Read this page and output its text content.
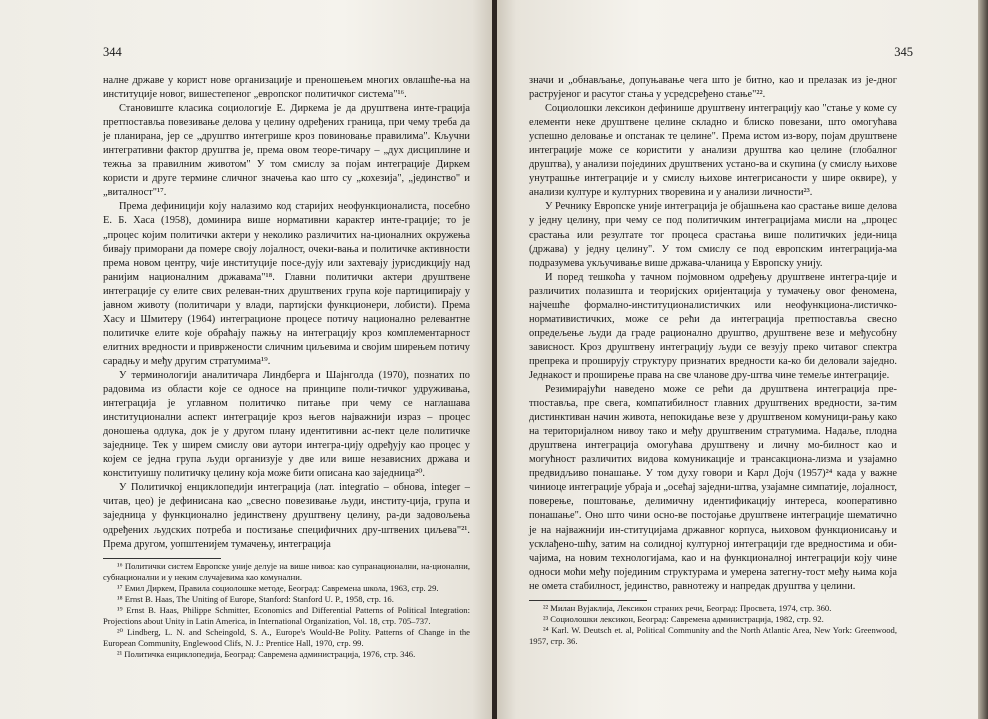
344

налне државе у корист нове организације и преношењем многих овлашће-ња на институције новог, вишестепеног „европског политичког система"¹⁶.

Становиште класика социологије Е. Диркема је да друштвена инте-грација претпоставља повезивање делова у целину одређених граница, при чему треба да је планирана, јер се „друштво интегрише кроз повиновање правилима". Кључни интегративни фактор друштва је, према овом теоре-тичару – „дух дисциплине и тежња за правилним животом" У том смислу за појам интеграције Диркем користи и друге термине сличног значења као што су „кохезија", „јединство" и „виталност"¹⁷.

Према дефиницији коју налазимо код старијих неофункционалиста, посебно Е. Б. Хаса (1958), доминира више нормативни карактер инте-грације; то је „процес којим политички актери у неколико различитих на-ционалних окружења бивају примoрани да помере своју лојалност, очеки-вања и политичке активности према новом центру, чије институције посе-дују или захтевају јурисдикцију над ранијим националним државама"¹⁸. Главни политички актери друштвене интеграције су елите свих релеван-тних друштвених група које партиципирају у јавном животу (политичари у влади, партијски функционери, лобисти). Према Хасу и Шмитеру (1964) интеграционе процесе потичу национално релевантне политичке елите које обраћају пажњу на интеграцију кроз комплементарност елитних вредности и привржености сличним циљевима и својим ширењем потичу сарадњу и међу другим стратумима¹⁹.

У терминологији аналитичара Линдберга и Шајнголда (1970), познатих по радовима из области које се односе на принципе поли-тичког удруживања, интеграција је углавном политичко питање при чему се наглашава институционални аспект интеграције кроз његов најважнији израз – процес доношења одлука, док је у другом плану идентитивни ас-пект целе политичке заједнице. Тек у ширем смислу ови аутори интегра-цију одређују као процес у којем се једна група људи организује у две или више независних држава и конституишу политичку целину која може бити описана као заједница²⁰.

У Политичкој енциклопедији интеграција (лат. integratio – обнова, integer – читав, цео) је дефинисана као „свесно повезивање људи, институ-ција, група и заједница у функционално јединствену друштвену целину, ра-ди задовољења одређених људских потреба и постизање специфичних дру-штвених циљева"²¹. Према другом, уопштенијем тумачењу, интеграција

¹⁶ Политички систем Европске уније делује на више нивоа: као супранационални, на-ционални, субнационални и у неким случајевима као комунални.

¹⁷ Емил Диркем, Правила социолошке методе, Београд: Савремена школа, 1963, стр. 29.

¹⁸ Ernst B. Haas, The Uniting of Europe, Stanford: Stanford U. P., 1958, стр. 16.

¹⁹ Ernst B. Haas, Philippe Schmitter, Economics and Differential Patterns of Political Integration: Projections about Unity in Latin America, in International Organization, Vol. 18, стр. 705–737.

²⁰ Lindberg, L. N. and Scheingold, S. A., Europe's Would-Be Polity. Patterns of Change in the European Community, Englewood Clifs, N. J.: Prentice Hall, 1970, стр. 99.

²¹ Политичка енциклопедија, Београд: Савремена администрација, 1976, стр. 346.

345

значи и „обнављање, допуњавање чега што је битно, као и прелазак из је-дног раструјеног и расутог стања у усредсређено стање"²².

Социолошки лексикон дефинише друштвену интеграцију као "стање у коме су елементи неке друштвене целине складно и блиско повезани, што омогућава успешно деловање и опстанак те целине". Према истом из-вору, појам друштвене интеграције може се користити у анализи друштва као целине (глобалног друштва), у анализи појединих друштвених устано-ва и скупина (у смислу њихове унутрашње интеграције и у смислу њихове интегрисаности у шире оквире), у анализи културе и културних творевина и у анализи личности²³.

У Речнику Европске уније интеграција је објашњена као срастање више делова у једну целину, при чему се под политичким интеграцијама мисли на „процес срастања или резултате тог процеса срастања више политичких једи-ница (држава) у једну целину". У том смислу се под европским интеграција-ма подразумева укључивање више држава-чланица у Европску унију.

И поред тешкоћа у тачном појмовном одређењу друштвене интегра-ције и различитих полазишта и теоријских оријентација у тумачењу овог феномена, најчешће формално-институционалистичких или неофункциона-листичко-нормативистичких, може се рећи да интеграција претпоставља свесно опредељење људи да граде рационално друштво, друштвене везе и међусобну зависност. Кроз друштвену интеграцију људи се везују преко читавог спектра препрека и проширују структуру признатих вредности ка-ко би деловали заједно. Једнакост и проширење права на све чланове дру-штва чине темеље интеграције.

Резимирајући наведено може се рећи да друштвена интеграција пре-тпоставља, пре свега, компатибилност главних друштвених вредности, за-тим дистинктиван начин живота, непокидање везе у друштвеном комуници-рању како на територијалном нивоу тако и међу друштвеним стратумима. Надаље, плодна друштвена интеграција омогућава друштвену и личну мо-билност као и могућност различитих видова комуникације и трансакциона-лизма и узајамно предвидљиво понашање. У том духу говори и Карл Дојч (1957)²⁴ када у важне чиниоце интеграције убраја и „осећај заједни-штва, узајамне симпатије, лојалност, поверење, поштовање, делимичну идентификацију интереса, кооперативно понашање". Оно што чини осно-ве постојање друштвене интеграције шематично је на најважнији ин-ституцијама државног корпуса, њиховом функционисању и усклађено-шћу, затим на солидној културној интеграцији где вредностима и оби-чајима, на новим технологијама, као и на функционалној интеграцији коју чине односи моћи међу појединим структурама и умерена затегну-тост међу њима која не омета стабилност, јединство, равнотежу и напредак друштва у целини.

²² Милан Вујаклија, Лексикон страних речи, Београд: Просвета, 1974, стр. 360.

²³ Социолошки лексикон, Београд: Савремена администрација, 1982, стр. 92.

²⁴ Karl. W. Deutsch et. al, Political Community and the North Atlantic Area, New York: Greenwood, 1957, стр. 36.
